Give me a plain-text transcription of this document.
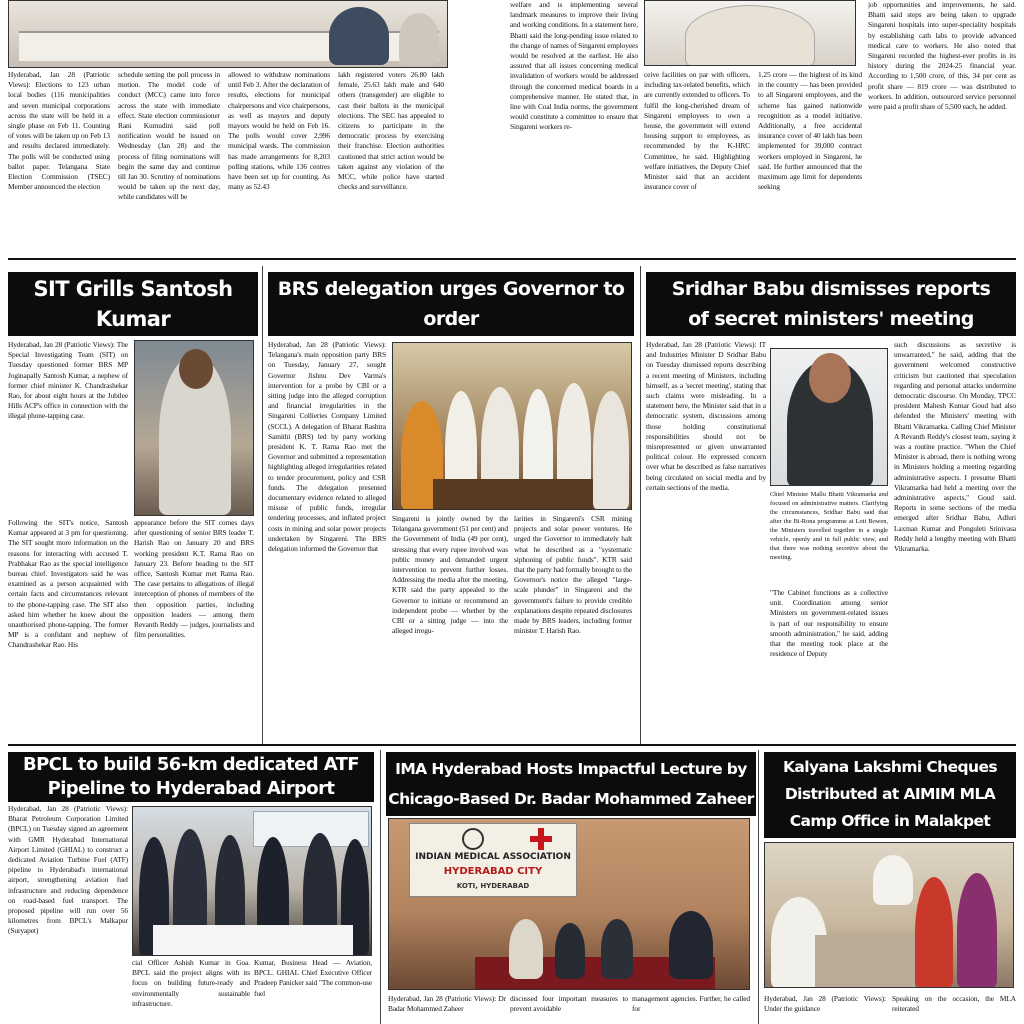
Hyderabad, Jan 28 (Patriotic Views): Elections to 123 urban local bodies (116 municipalities and seven municipal corporations across the state will be held in a single phase on Feb 11. Counting of votes will be taken up on Feb 13 and results declared immediately. The polls will be conducted using ballot paper. Telangana State Election Commission (TSEC) Member announced the election
schedule setting the poll process in motion. The model code of conduct (MCC) came into force across the state with immediate effect. State election commissioner Rani Kumudini said poll notification would be issued on Wednesday (Jan 28) and the process of filing nominations will begin the same day and continue till Jan 30. Scrutiny of nominations would be taken up the next day, while candidates will be
allowed to withdraw nominations until Feb 3. After the declaration of results, elections for municipal chairpersons and vice chairpersons, as well as mayors and deputy mayors would be held on Feb 16. The polls would cover 2,996 municipal wards. The commission has made arrangements for 8,203 polling stations, while 136 centres have been set up for counting. As many as 52.43
lakh registered voters 26.80 lakh female, 25.63 lakh male and 640 others (transgender) are eligible to cast their ballots in the municipal elections. The SEC has appealed to citizens to participate in the democratic process by exercising their franchise. Election authorities cautioned that strict action would be taken against any violation of the MCC, while police have started checks and surveillance.
welfare and is implementing several landmark measures to improve their living and working conditions. In a statement here, Bhatti said the long-pending issue related to the change of names of Singareni employees would be resolved at the earliest. He also assured that all issues concerning medical invalidation of workers would be addressed through the concerned medical boards in a comprehensive manner. He stated that, in line with Coal India norms, the government would constitute a committee to ensure that Singareni workers re-
ceive facilities on par with officers, including tax-related benefits, which are currently extended to officers. To fulfil the long-cherished dream of Singareni employees to own a house, the government will extend housing support to employees, as recommended by the K-HRC Committee, he said. Highlighting welfare initiatives, the Deputy Chief Minister said that an accident insurance cover of
1.25 crore — the highest of its kind in the country — has been provided to all Singareni employees, and the scheme has gained nationwide recognition as a model initiative. Additionally, a free accidental insurance cover of 40 lakh has been implemented for 39,000 contract workers employed in Singareni, he said. He further announced that the maximum age limit for dependents seeking
job opportunities and improvements, he said. Bhatti said steps are being taken to upgrade Singareni hospitals into super-speciality hospitals by establishing cath labs to provide advanced medical care to workers. He also noted that Singareni recorded the highest-ever profits in its history during the 2024-25 financial year. According to 1,500 crore, of this, 34 per cent as profit share — 819 crore — was distributed to workers. In addition, outsourced service personnel were paid a profit share of 5,500 each, he added.
SIT Grills Santosh Kumar
Hyderabad, Jan 28 (Patriotic Views): The Special Investigating Team (SIT) on Tuesday questioned former BRS MP Joginapally Santosh Kumar, a nephew of former chief minister K. Chandrashekar Rao, for about eight hours at the Jubilee Hills ACP's office in connection with the illegal phone-tapping case.
Following the SIT's notice, Santosh Kumar appeared at 3 pm for questioning. The SIT sought more information on the reasons for interacting with accused T. Prabhakar Rao as the special intelligence bureau chief. Investigators said he was examined as a person acquainted with certain facts and circumstances relevant to the phone-tapping case. The SIT also asked him whether he knew about the unauthorised phone-tapping. The former MP is a confidant and nephew of Chandrashekar Rao. His
appearance before the SIT comes days after questioning of senior BRS leader T. Harish Rao on January 20 and BRS working president K.T. Rama Rao on January 23. Before heading to the SIT office, Santosh Kumar met Rama Rao. The case pertains to allegations of illegal interception of phones of members of the then opposition parties, including opposition leaders — among them Revanth Reddy — judges, journalists and film personalities.
BRS delegation urges Governor to order
Hyderabad, Jan 28 (Patriotic Views): Telangana's main opposition party BRS on Tuesday, January 27, sought Governor Jishnu Dev Varma's intervention for a probe by CBI or a sitting judge into the alleged corruption and financial irregularities in the Singareni Collieries Company Limited (SCCL). A delegation of Bharat Rashtra Samithi (BRS) led by party working president K. T. Rama Rao met the Governor and submitted a representation highlighting alleged irregularities related to tender procurement, policy and CSR funds. The delegation presented documentary evidence related to alleged misuse of public funds, irregular tendering processes, and inflated project costs in mining and solar power projects undertaken by Singareni. The BRS delegation informed the Governor that
Singareni is jointly owned by the Telangana government (51 per cent) and the Government of India (49 per cent), stressing that every rupee involved was public money and demanded urgent intervention to prevent further losses. Addressing the media after the meeting, KTR said the party appealed to the Governor to initiate or recommend an independent probe — whether by the CBI or a sitting judge — into the alleged irregu-
larities in Singareni's CSR mining projects and solar power ventures. He urged the Governor to immediately halt what he described as a "systematic siphoning of public funds". KTR said that the party had formally brought to the Governor's notice the alleged "large-scale plunder" in Singareni and the government's failure to provide credible explanations despite repeated disclosures made by BRS leaders, including former minister T. Harish Rao.
Sridhar Babu dismisses reports
of secret ministers' meeting
Hyderabad, Jan 28 (Patriotic Views): IT and Industries Minister D Sridhar Babu on Tuesday dismissed reports describing a recent meeting of Ministers, including himself, as a 'secret meeting', stating that such claims were misleading. In a statement here, the Minister said that in a democratic system, discussions among those holding constitutional responsibilities should not be misrepresented or given unwarranted political colour. He expressed concern over what he described as false narratives being circulated on social media and by certain sections of the media.
Chief Minister Mallu Bhatti Vikramarka and focused on administrative matters. Clarifying the circumstances, Sridhar Babu said that after the Bi-Rona programme at Loti Bowen, the Ministers travelled together in a single vehicle, openly and in full public view, and that there was nothing secretive about the meeting.
"The Cabinet functions as a collective unit. Coordination among senior Ministers on government-related issues is part of our responsibility to ensure smooth administration," he said, adding that the meeting took place at the residence of Deputy
such discussions as secretive is unwarranted," he said, adding that the government welcomed constructive criticism but cautioned that speculation regarding and personal attacks undermine democratic discourse. On Monday, TPCC president Mahesh Kumar Goud had also defended the Ministers' meeting with Bhatti Vikramarka. Calling Chief Minister A Revanth Reddy's closest team, saying it was a routine practice. "When the Chief Minister is abroad, there is nothing wrong in Ministers holding a meeting regarding administrative aspects. I presume Bhatti Vikramarka had held a meeting over the administrative aspects," Goud said. Reports in some sections of the media emerged after Sridhar Babu, Adluri Laxman Kumar and Ponguleti Srinivasa Reddy held a lengthy meeting with Bhatti Vikramarka.
BPCL to build 56-km dedicated ATF
Pipeline to Hyderabad Airport
Hyderabad, Jan 28 (Patriotic Views): Bharat Petroleum Corporation Limited (BPCL) on Tuesday signed an agreement with GMR Hyderabad International Airport Limited (GHIAL) to construct a dedicated Aviation Turbine Fuel (ATF) pipeline to Hyderabad's international airport, strengthening aviation fuel infrastructure and reducing dependence on road-based fuel transport. The proposed pipeline will run over 56 kilometres from BPCL's Malkapur (Suryapet)
cial Officer Ashish Kumar in Goa. BPCL said the project aligns with its focus on building future-ready and environmentally sustainable infrastructure.
Kumar, Business Head — Aviation, BPCL. GHIAL Chief Executive Officer Pradeep Panicker said "The common-use fuel
IMA Hyderabad Hosts Impactful Lecture by
Chicago-Based Dr. Badar Mohammed Zaheer
INDIAN MEDICAL ASSOCIATION
HYDERABAD CITY
KOTI, HYDERABAD
Hyderabad, Jan 28 (Patriotic Views): Dr Badar Mohammed Zaheer
discussed four important measures to prevent avoidable
management agencies. Further, he called for
Kalyana Lakshmi Cheques
Distributed at AIMIM MLA
Camp Office in Malakpet
Hyderabad, Jan 28 (Patriotic Views): Under the guidance
Speaking on the occasion, the MLA reiterated
